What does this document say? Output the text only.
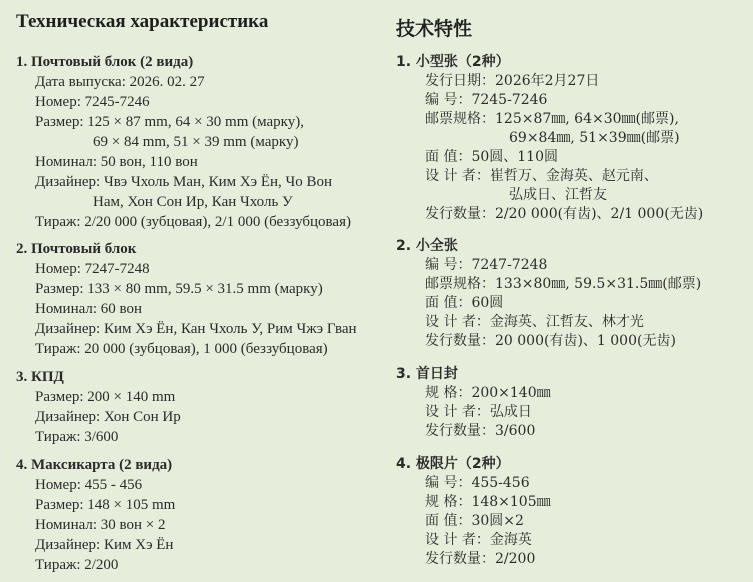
Техническая характеристика
1. Почтовый блок (2 вида)
Дата выпуска: 2026. 02. 27
Номер: 7245-7246
Размер: 125 × 87 mm, 64 × 30 mm (марку),
69 × 84 mm, 51 × 39 mm (марку)
Номинал: 50 вон, 110 вон
Дизайнер: Чвэ Чхоль Ман, Ким Хэ Ён, Чо Вон
Нам, Хон Сон Ир, Кан Чхоль У
Тираж: 2/20 000 (зубцовая), 2/1 000 (беззубцовая)
2. Почтовый блок
Номер: 7247-7248
Размер: 133 × 80 mm, 59.5 × 31.5 mm (марку)
Номинал: 60 вон
Дизайнер: Ким Хэ Ён, Кан Чхоль У, Рим Чжэ Гван
Тираж: 20 000 (зубцовая), 1 000 (беззубцовая)
3. КПД
Размер: 200 × 140 mm
Дизайнер: Хон Сон Ир
Тираж: 3/600
4. Максикарта (2 вида)
Номер: 455 - 456
Размер: 148 × 105 mm
Номинал: 30 вон × 2
Дизайнер: Ким Хэ Ён
Тираж: 2/200
技术特性
1. 小型张（2种）
发行日期：2026年2月27日
编 号：7245-7246
邮票规格：125×87㎜, 64×30㎜(邮票),
69×84㎜, 51×39㎜(邮票)
面 值：50圆、110圆
设 计 者：崔哲万、金海英、赵元南、
弘成日、江哲友
发行数量：2/20 000(有齿)、2/1 000(无齿)
2. 小全张
编 号：7247-7248
邮票规格：133×80㎜, 59.5×31.5㎜(邮票)
面 值：60圆
设 计 者：金海英、江哲友、林才光
发行数量：20 000(有齿)、1 000(无齿)
3. 首日封
规 格：200×140㎜
设 计 者：弘成日
发行数量：3/600
4. 极限片（2种）
编 号：455-456
规 格：148×105㎜
面 值：30圆×2
设 计 者：金海英
发行数量：2/200
